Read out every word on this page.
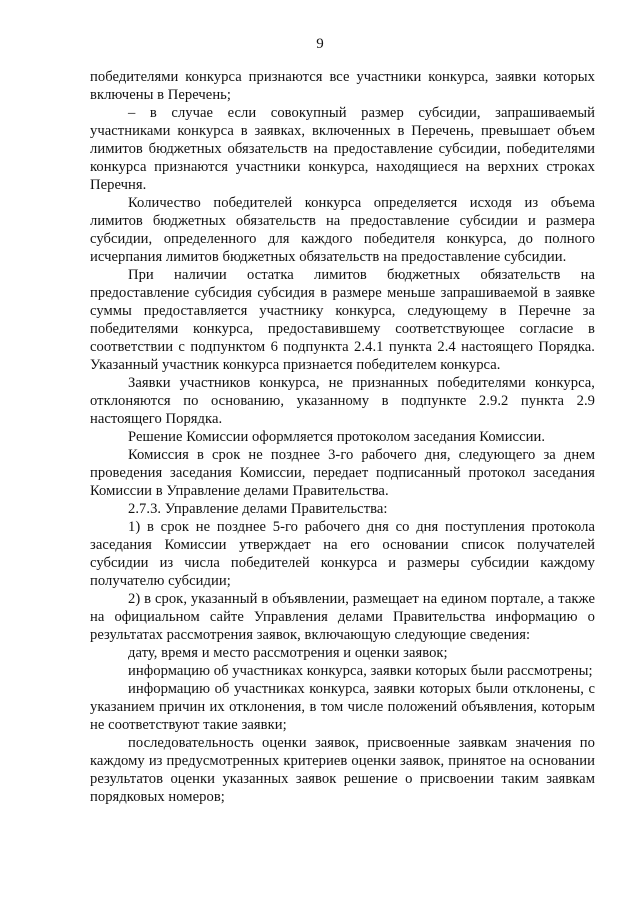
9

победителями конкурса признаются все участники конкурса, заявки которых включены в Перечень;

– в случае если совокупный размер субсидии, запрашиваемый участниками конкурса в заявках, включенных в Перечень, превышает объем лимитов бюджетных обязательств на предоставление субсидии, победителями конкурса признаются участники конкурса, находящиеся на верхних строках Перечня.

Количество победителей конкурса определяется исходя из объема лимитов бюджетных обязательств на предоставление субсидии и размера субсидии, определенного для каждого победителя конкурса, до полного исчерпания лимитов бюджетных обязательств на предоставление субсидии.

При наличии остатка лимитов бюджетных обязательств на предоставление субсидия субсидия в размере меньше запрашиваемой в заявке суммы предоставляется участнику конкурса, следующему в Перечне за победителями конкурса, предоставившему соответствующее согласие в соответствии с подпунктом 6 подпункта 2.4.1 пункта 2.4 настоящего Порядка. Указанный участник конкурса признается победителем конкурса.

Заявки участников конкурса, не признанных победителями конкурса, отклоняются по основанию, указанному в подпункте 2.9.2 пункта 2.9 настоящего Порядка.

Решение Комиссии оформляется протоколом заседания Комиссии.

Комиссия в срок не позднее 3-го рабочего дня, следующего за днем проведения заседания Комиссии, передает подписанный протокол заседания Комиссии в Управление делами Правительства.

2.7.3. Управление делами Правительства:

1) в срок не позднее 5-го рабочего дня со дня поступления протокола заседания Комиссии утверждает на его основании список получателей субсидии из числа победителей конкурса и размеры субсидии каждому получателю субсидии;

2) в срок, указанный в объявлении, размещает на едином портале, а также на официальном сайте Управления делами Правительства информацию о результатах рассмотрения заявок, включающую следующие сведения:

дату, время и место рассмотрения и оценки заявок;

информацию об участниках конкурса, заявки которых были рассмотрены;

информацию об участниках конкурса, заявки которых были отклонены, с указанием причин их отклонения, в том числе положений объявления, которым не соответствуют такие заявки;

последовательность оценки заявок, присвоенные заявкам значения по каждому из предусмотренных критериев оценки заявок, принятое на основании результатов оценки указанных заявок решение о присвоении таким заявкам порядковых номеров;
